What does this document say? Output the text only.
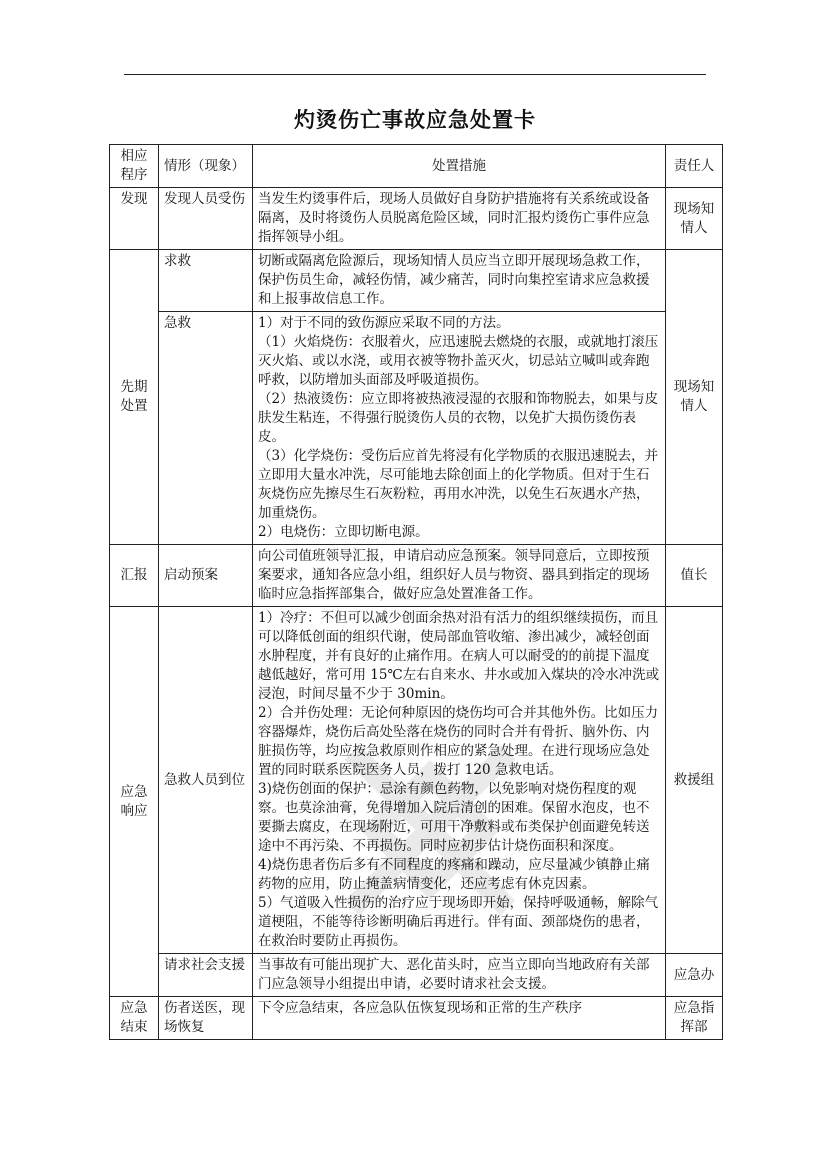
灼烫伤亡事故应急处置卡
相应程序	情形（现象）	处置措施	责任人
发现	发现人员受伤	当发生灼烫事件后，现场人员做好自身防护措施将有关系统或设备隔离，及时将烫伤人员脱离危险区域，同时汇报灼烫伤亡事件应急指挥领导小组。	现场知情人
先期处置	求救	切断或隔离危险源后，现场知情人员应当立即开展现场急救工作，保护伤员生命，减轻伤情，减少痛苦，同时向集控室请求应急救援和上报事故信息工作。	现场知情人
	急救	1）对于不同的致伤源应采取不同的方法。

（1）火焰烧伤：衣服着火，应迅速脱去燃烧的衣服，或就地打滚压灭火焰、或以水浇，或用衣被等物扑盖灭火，切忌站立喊叫或奔跑呼救，以防增加头面部及呼吸道损伤。

（2）热液烫伤：应立即将被热液浸湿的衣服和饰物脱去，如果与皮肤发生粘连，不得强行脱烫伤人员的衣物，以免扩大损伤烫伤表皮。

（3）化学烧伤：受伤后应首先将浸有化学物质的衣服迅速脱去，并立即用大量水冲洗，尽可能地去除创面上的化学物质。但对于生石灰烧伤应先擦尽生石灰粉粒，再用水冲洗，以免生石灰遇水产热，加重烧伤。

2）电烧伤：立即切断电源。	

汇报	启动预案	向公司值班领导汇报，申请启动应急预案。领导同意后，立即按预案要求，通知各应急小组，组织好人员与物资、器具到指定的现场临时应急指挥部集合，做好应急处置准备工作。	值长
应急响应	急救人员到位	1）冷疗：不但可以减少创面余热对沿有活力的组织继续损伤，而且可以降低创面的组织代谢，使局部血管收缩、渗出减少，减轻创面水肿程度，并有良好的止痛作用。在病人可以耐受的的前提下温度越低越好，常可用 15℃左右自来水、井水或加入煤块的冷水冲洗或浸泡，时间尽量不少于 30min。

2）合并伤处理：无论何种原因的烧伤均可合并其他外伤。比如压力容器爆炸，烧伤后高处坠落在烧伤的同时合并有骨折、脑外伤、内脏损伤等，均应按急救原则作相应的紧急处理。在进行现场应急处置的同时联系医院医务人员，拨打 120 急救电话。

3)烧伤创面的保护：忌涂有颜色药物，以免影响对烧伤程度的观察。也莫涂油膏，免得增加入院后清创的困难。保留水泡皮，也不要撕去腐皮，在现场附近，可用干净敷料或布类保护创面避免转送途中不再污染、不再损伤。同时应初步估计烧伤面积和深度。

4)烧伤患者伤后多有不同程度的疼痛和躁动，应尽量减少镇静止痛药物的应用，防止掩盖病情变化，还应考虑有休克因素。

5）气道吸入性损伤的治疗应于现场即开始，保持呼吸通畅，解除气道梗阻，不能等待诊断明确后再进行。伴有面、颈部烧伤的患者，在救治时要防止再损伤。	救援组
	请求社会支援	当事故有可能出现扩大、恶化苗头时，应当立即向当地政府有关部门应急领导小组提出申请，必要时请求社会支援。	应急办
应急结束	伤者送医，现场恢复	下令应急结束，各应急队伍恢复现场和正常的生产秩序	应急指挥部
